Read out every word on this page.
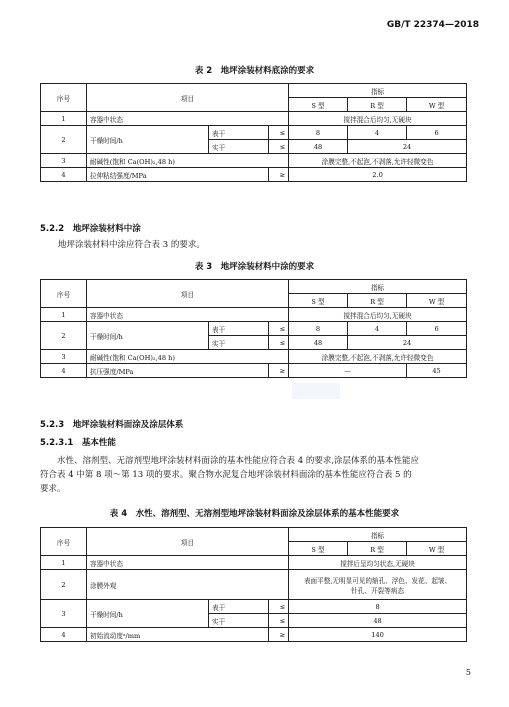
GB/T 22374—2018
表 2　地坪涂装材料底涂的要求
序号	项目			指标		
				S 型	R 型	W 型
1	容器中状态			搅拌混合后均匀,无硬块		
2	干燥时间/h	表干	≤	8	4	6
		实干	≤	48	24	
3	耐碱性(饱和 Ca(OH)₂,48 h)			涂膜完整,不起泡,不剥落,允许轻微变色		
4	拉伸粘结强度/MPa		≥	2.0		
5.2.2　地坪涂装材料中涂
地坪涂装材料中涂应符合表 3 的要求。
表 3　地坪涂装材料中涂的要求
序号	项目			指标		
				S 型	R 型	W 型
1	容器中状态			搅拌混合后均匀,无硬块		
2	干燥时间/h	表干	≤	8	4	6
		实干	≤	48	24	
3	耐碱性(饱和 Ca(OH)₂,48 h)			涂膜完整,不起泡,不剥落,允许轻微变色		
4	抗压强度/MPa		≥	—		45
5.2.3　地坪涂装材料面涂及涂层体系
5.2.3.1　基本性能
　　水性、溶剂型、无溶剂型地坪涂装材料面涂的基本性能应符合表 4 的要求,涂层体系的基本性能应
符合表 4 中第 8 项～第 13 项的要求。聚合物水泥复合地坪涂装材料面涂的基本性能应符合表 5 的
要求。
表 4　水性、溶剂型、无溶剂型地坪涂装材料面涂及涂层体系的基本性能要求
序号	项目			指标		
				S 型	R 型	W 型
1	容器中状态			搅拌后呈均匀状态,无硬块		
2	涂膜外观			表面平整,无明显可见的缩孔、浮色、发花、起皱、
针孔、开裂等病态		

3	干燥时间/h	表干	≤	8		
		实干	≤	48		
4	初始流动度ᵃ/mm		≥	140		
5
